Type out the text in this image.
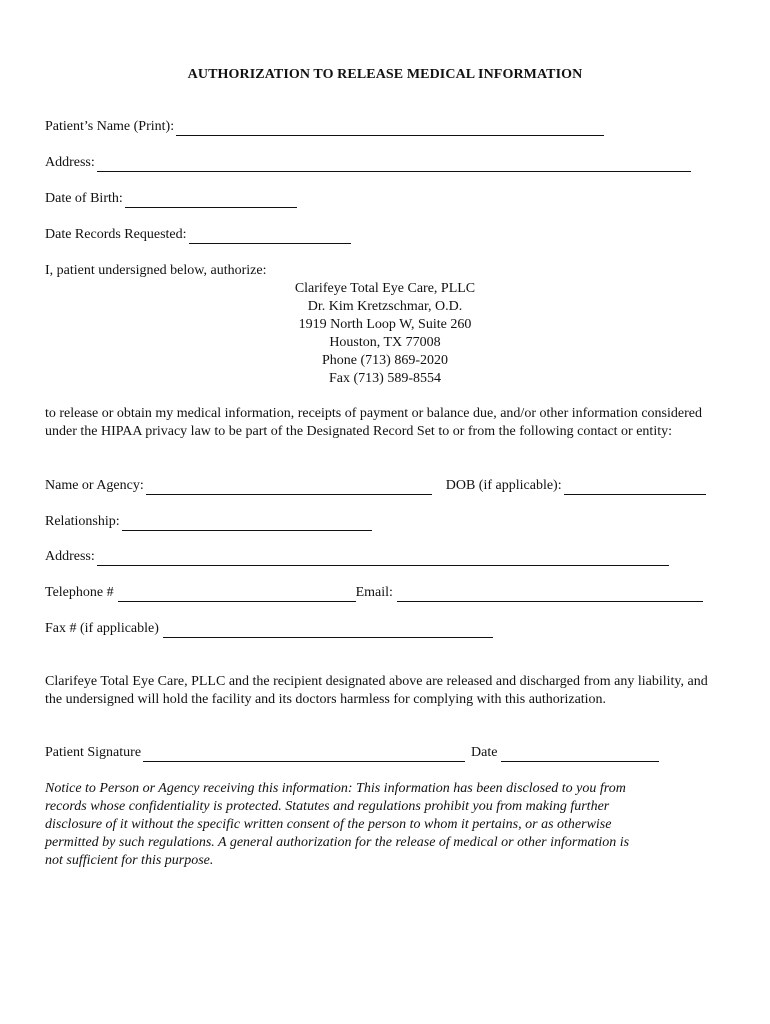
AUTHORIZATION TO RELEASE MEDICAL INFORMATION
Patient’s Name (Print):
Address:
Date of Birth:
Date Records Requested:
I, patient undersigned below, authorize:
Clarifeye Total Eye Care, PLLC
Dr. Kim Kretzschmar, O.D.
1919 North Loop W, Suite 260
Houston, TX 77008
Phone (713) 869-2020
Fax (713) 589-8554
to release or obtain my medical information, receipts of payment or balance due, and/or other information considered under the HIPAA privacy law to be part of the Designated Record Set to or from the following contact or entity:
Name or Agency:	DOB (if applicable):
Relationship:
Address:
Telephone #	Email:
Fax # (if applicable)
Clarifeye Total Eye Care, PLLC and the recipient designated above are released and discharged from any liability, and the undersigned will hold the facility and its doctors harmless for complying with this authorization.
Patient Signature	Date
Notice to Person or Agency receiving this information: This information has been disclosed to you from records whose confidentiality is protected. Statutes and regulations prohibit you from making further disclosure of it without the specific written consent of the person to whom it pertains, or as otherwise permitted by such regulations. A general authorization for the release of medical or other information is not sufficient for this purpose.
